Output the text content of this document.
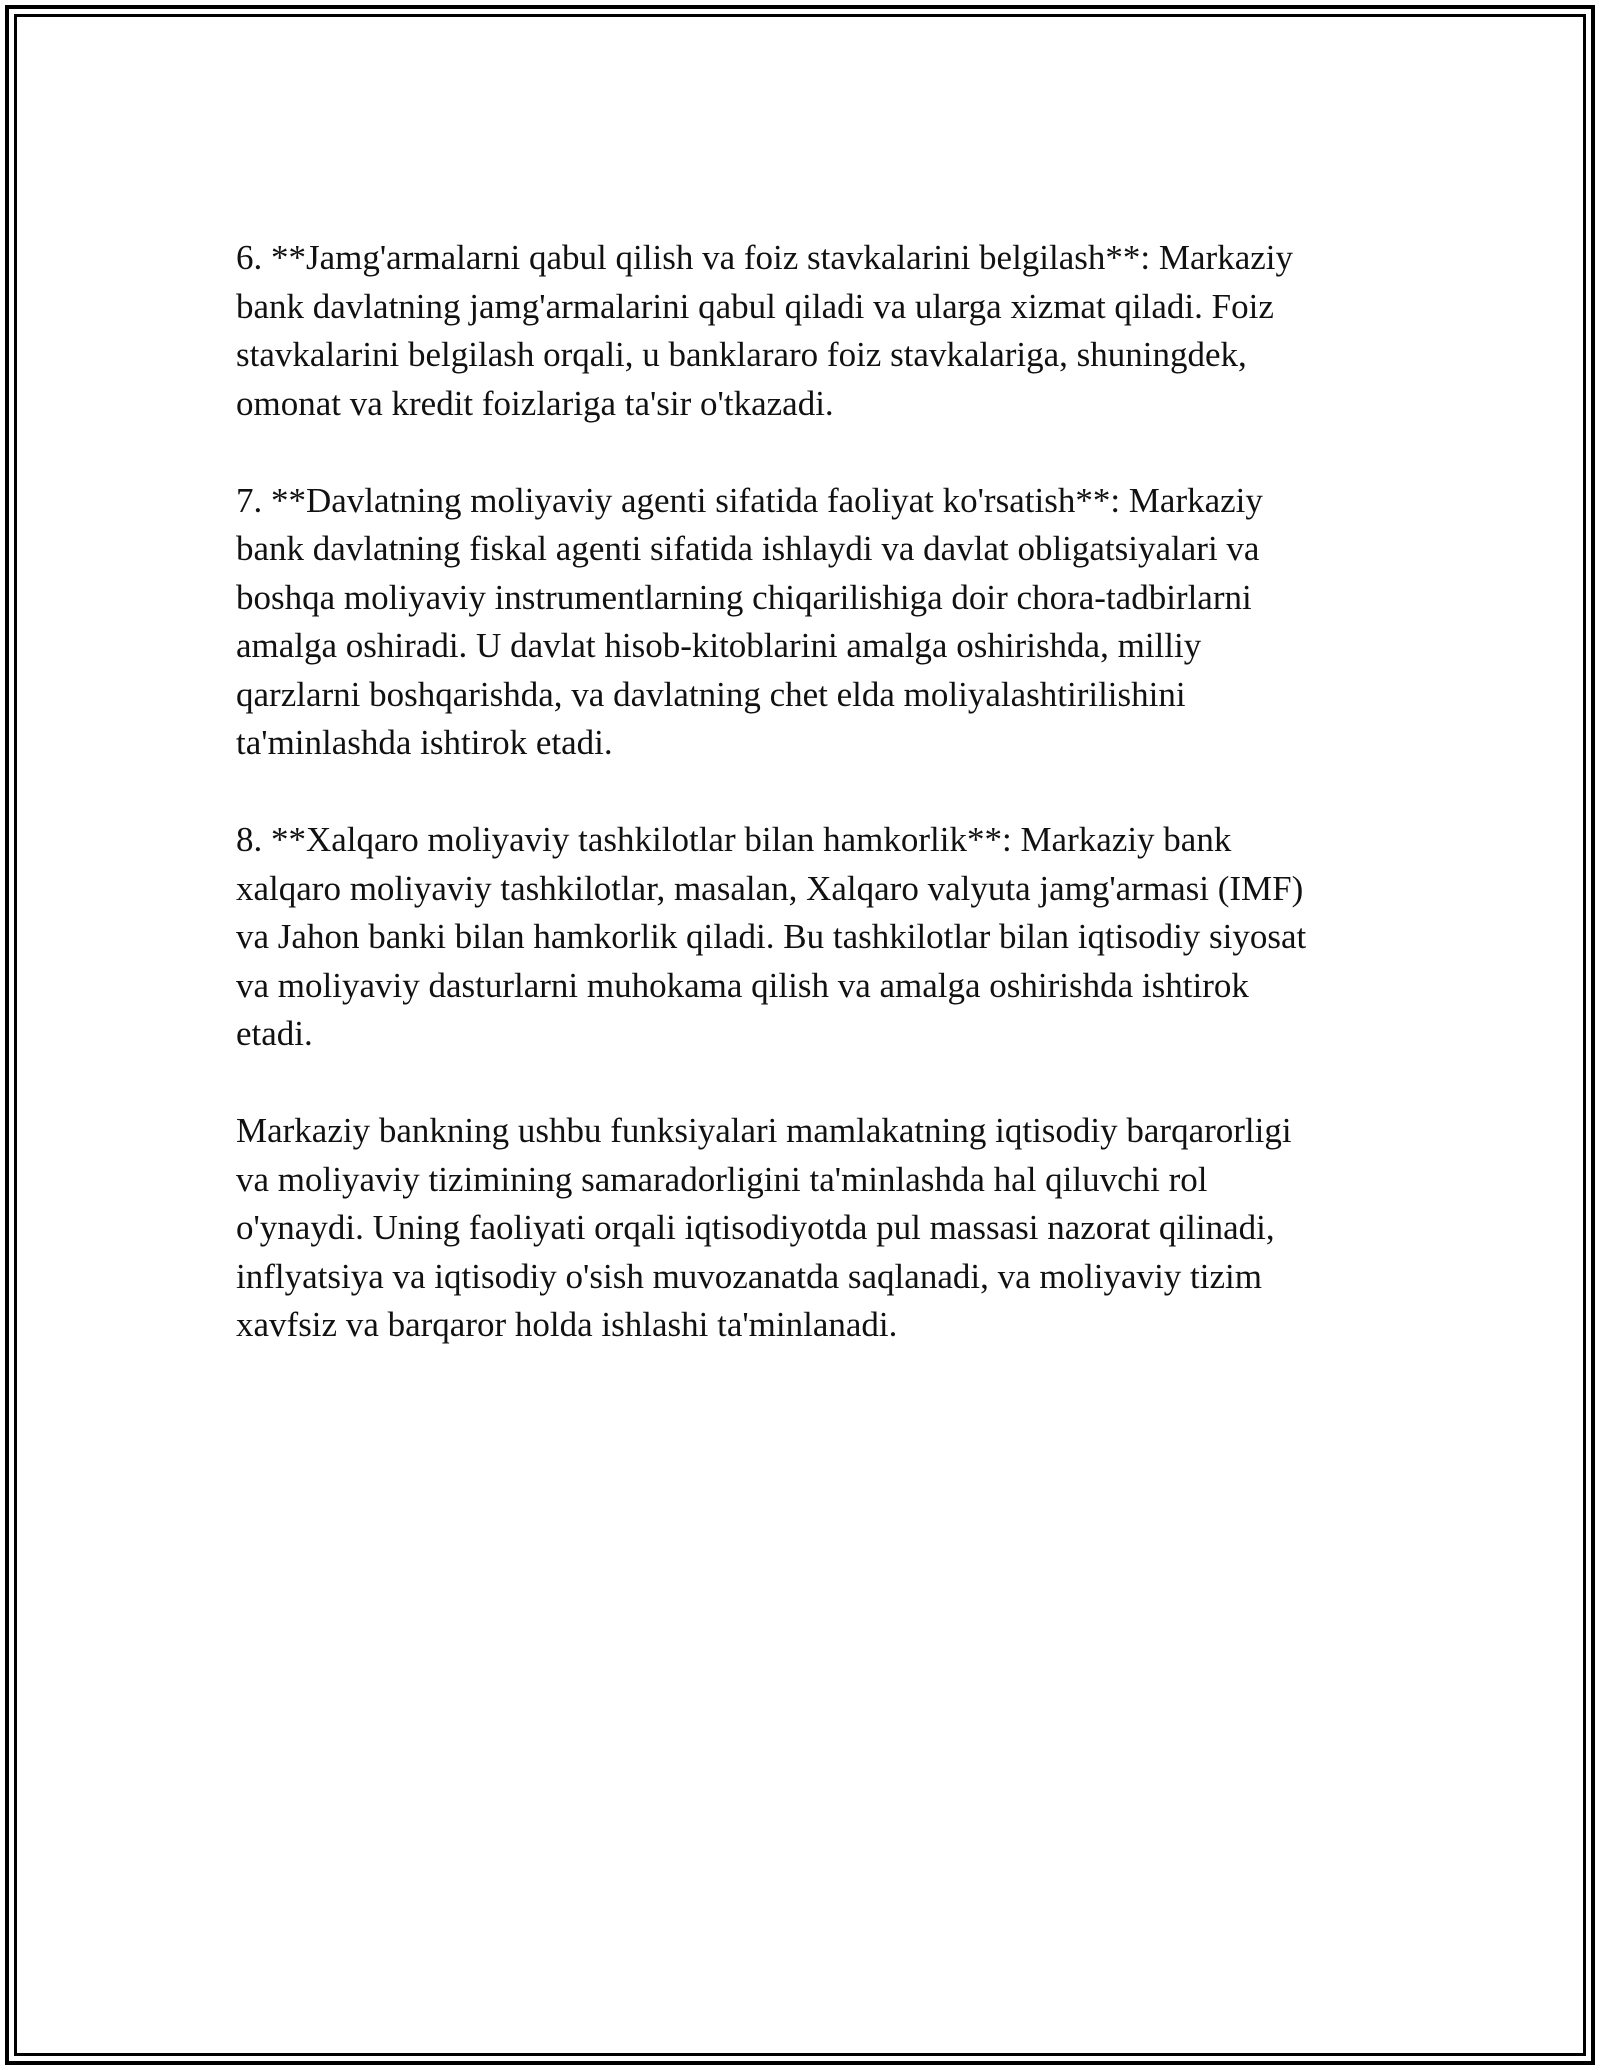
6. **Jamg'armalarni qabul qilish va foiz stavkalarini belgilash**: Markaziy
bank davlatning jamg'armalarini qabul qiladi va ularga xizmat qiladi. Foiz
stavkalarini belgilash orqali, u banklararo foiz stavkalariga, shuningdek,
omonat va kredit foizlariga ta'sir o'tkazadi.

7. **Davlatning moliyaviy agenti sifatida faoliyat ko'rsatish**: Markaziy
bank davlatning fiskal agenti sifatida ishlaydi va davlat obligatsiyalari va
boshqa moliyaviy instrumentlarning chiqarilishiga doir chora-tadbirlarni
amalga oshiradi. U davlat hisob-kitoblarini amalga oshirishda, milliy
qarzlarni boshqarishda, va davlatning chet elda moliyalashtirilishini
ta'minlashda ishtirok etadi.

8. **Xalqaro moliyaviy tashkilotlar bilan hamkorlik**: Markaziy bank
xalqaro moliyaviy tashkilotlar, masalan, Xalqaro valyuta jamg'armasi (IMF)
va Jahon banki bilan hamkorlik qiladi. Bu tashkilotlar bilan iqtisodiy siyosat
va moliyaviy dasturlarni muhokama qilish va amalga oshirishda ishtirok
etadi.

Markaziy bankning ushbu funksiyalari mamlakatning iqtisodiy barqarorligi
va moliyaviy tizimining samaradorligini ta'minlashda hal qiluvchi rol
o'ynaydi. Uning faoliyati orqali iqtisodiyotda pul massasi nazorat qilinadi,
inflyatsiya va iqtisodiy o'sish muvozanatda saqlanadi, va moliyaviy tizim
xavfsiz va barqaror holda ishlashi ta'minlanadi.
